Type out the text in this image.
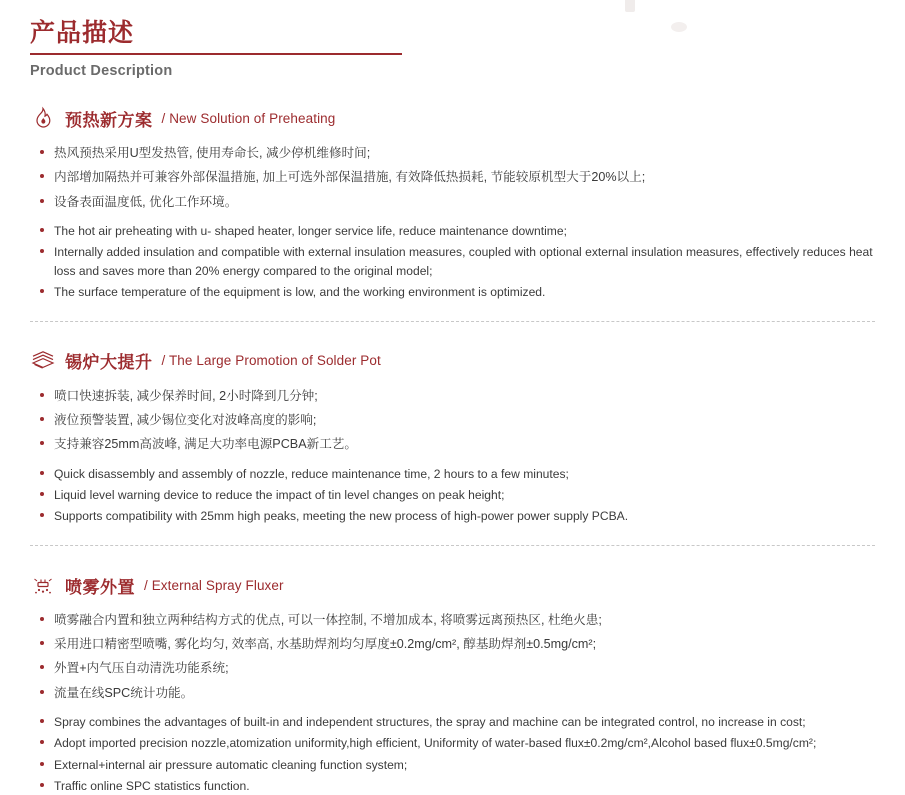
产品描述
Product Description
预热新方案 / New Solution of Preheating
热风预热采用U型发热管, 使用寿命长, 减少停机维修时间;
内部增加隔热并可兼容外部保温措施, 加上可选外部保温措施, 有效降低热损耗, 节能较原机型大于20%以上;
设备表面温度低, 优化工作环境。
The hot air preheating with u- shaped heater, longer service life, reduce maintenance downtime;
Internally added insulation and compatible with external insulation measures, coupled with optional external insulation measures, effectively reduces heat loss and saves more than 20% energy compared to the original model;
The surface temperature of the equipment is low, and the working environment is optimized.
锡炉大提升 / The Large Promotion of Solder Pot
喷口快速拆装, 减少保养时间, 2小时降到几分钟;
液位预警装置, 减少锡位变化对波峰高度的影响;
支持兼容25mm高波峰, 满足大功率电源PCBA新工艺。
Quick disassembly and assembly of nozzle, reduce maintenance time, 2 hours to a few minutes;
Liquid level warning device to reduce the impact of tin level changes on peak height;
Supports compatibility with 25mm high peaks, meeting the new process of high-power power supply PCBA.
喷雾外置 / External Spray Fluxer
喷雾融合内置和独立两种结构方式的优点, 可以一体控制, 不增加成本, 将喷雾远离预热区, 杜绝火患;
采用进口精密型喷嘴, 雾化均匀, 效率高, 水基助焊剂均匀厚度±0.2mg/cm², 醇基助焊剂±0.5mg/cm²;
外置+内气压自动清洗功能系统;
流量在线SPC统计功能。
Spray combines the advantages of built-in and independent structures, the spray and machine can be integrated control, no increase in cost;
Adopt imported precision nozzle,atomization uniformity,high efficient, Uniformity of water-based flux±0.2mg/cm²,Alcohol based flux±0.5mg/cm²;
External+internal air pressure automatic cleaning function system;
Traffic online SPC statistics function.
